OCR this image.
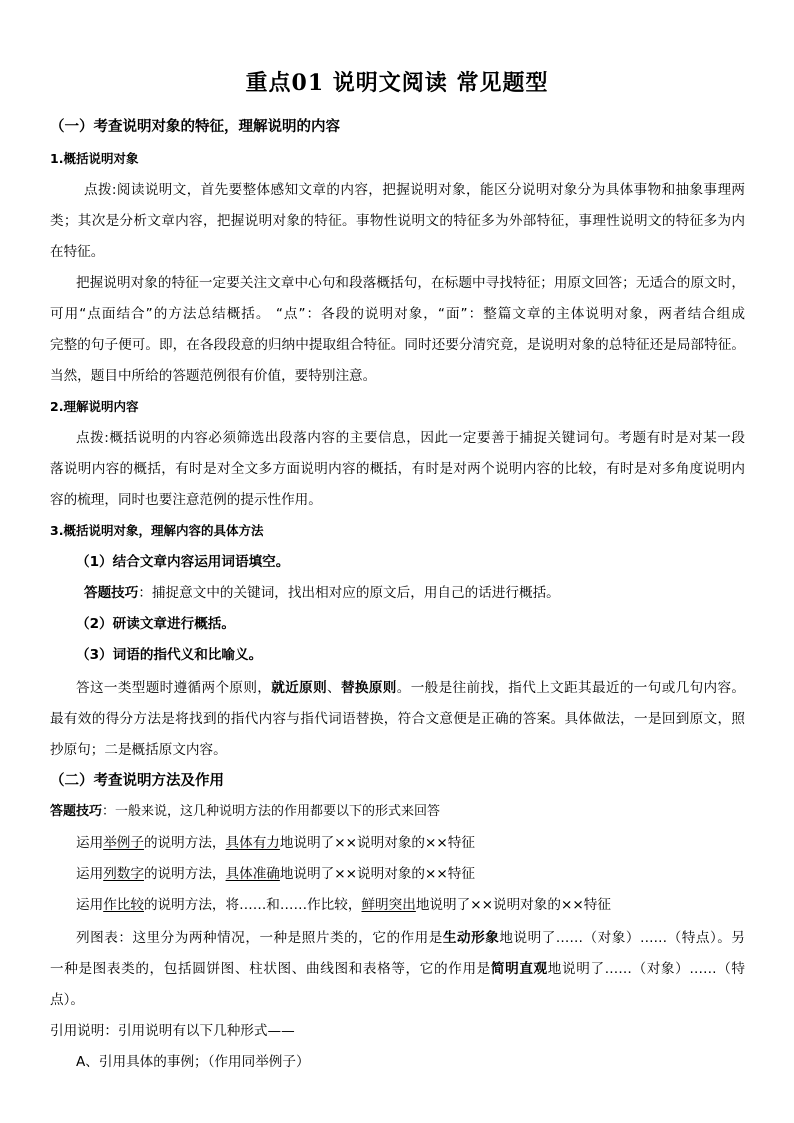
重点01 说明文阅读 常见题型
（一）考查说明对象的特征，理解说明的内容
1.概括说明对象
点拨:阅读说明文，首先要整体感知文章的内容，把握说明对象，能区分说明对象分为具体事物和抽象事理两
类；其次是分析文章内容，把握说明对象的特征。事物性说明文的特征多为外部特征，事理性说明文的特征多为内
在特征。
把握说明对象的特征一定要关注文章中心句和段落概括句，在标题中寻找特征；用原文回答；无适合的原文时，
可用“点面结合”的方法总结概括。 “点”：各段的说明对象，“面”：整篇文章的主体说明对象，两者结合组成
完整的句子便可。即，在各段段意的归纳中提取组合特征。同时还要分清究竟，是说明对象的总特征还是局部特征。
当然，题目中所给的答题范例很有价值，要特别注意。
2.理解说明内容
点拨:概括说明的内容必须筛选出段落内容的主要信息，因此一定要善于捕捉关键词句。考题有时是对某一段
落说明内容的概括，有时是对全文多方面说明内容的概括，有时是对两个说明内容的比较，有时是对多角度说明内
容的梳理，同时也要注意范例的提示性作用。
3.概括说明对象，理解内容的具体方法
（1）结合文章内容运用词语填空。
答题技巧：捕捉意文中的关键词，找出相对应的原文后，用自己的话进行概括。
（2）研读文章进行概括。
（3）词语的指代义和比喻义。
答这一类型题时遵循两个原则，就近原则、替换原则。一般是往前找，指代上文距其最近的一句或几句内容。
最有效的得分方法是将找到的指代内容与指代词语替换，符合文意便是正确的答案。具体做法，一是回到原文，照
抄原句；二是概括原文内容。
（二）考查说明方法及作用
答题技巧：一般来说，这几种说明方法的作用都要以下的形式来回答
运用举例子的说明方法，具体有力地说明了××说明对象的××特征
运用列数字的说明方法，具体准确地说明了××说明对象的××特征
运用作比较的说明方法，将……和……作比较，鲜明突出地说明了××说明对象的××特征
列图表：这里分为两种情况，一种是照片类的，它的作用是生动形象地说明了……（对象）……（特点）。另
一种是图表类的，包括圆饼图、柱状图、曲线图和表格等，它的作用是简明直观地说明了……（对象）……（特
点）。
引用说明：引用说明有以下几种形式——
A、引用具体的事例；（作用同举例子）
